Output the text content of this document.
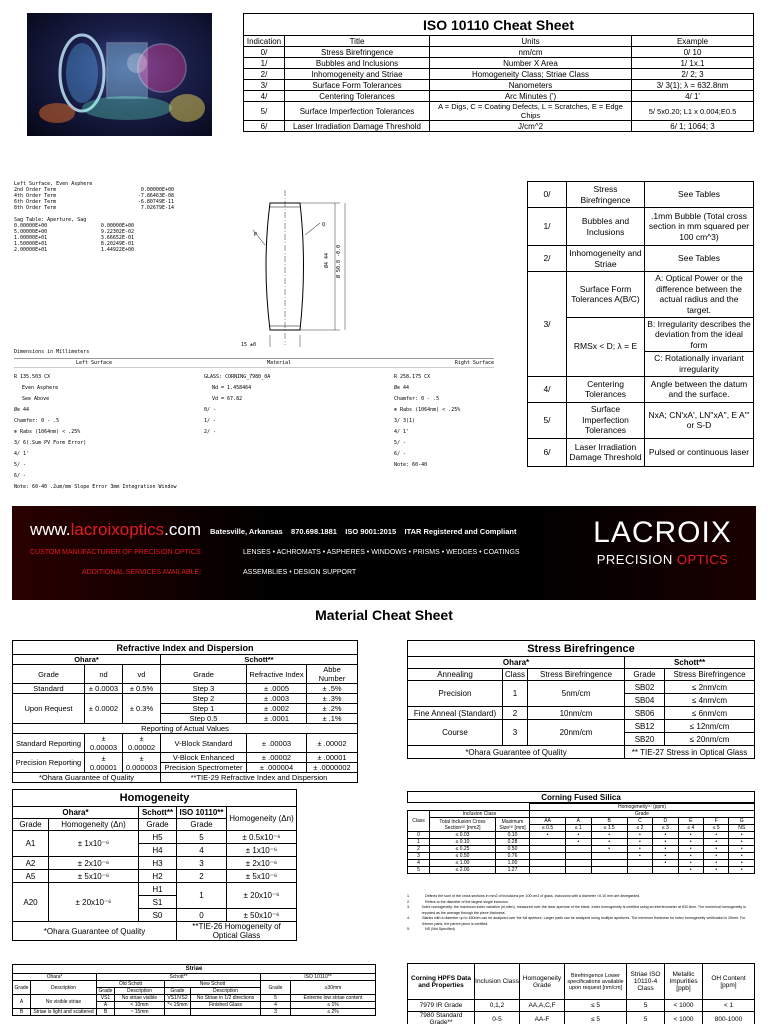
ISO 10110 Cheat Sheet			
Indication	Title	Units	Example
0/	Stress Birefringence	nm/cm	0/ 10
1/	Bubbles and Inclusions	Number X Area	1/ 1x.1
2/	Inhomogeneity and Striae	Homogeneity Class; Striae Class	2/ 2; 3
3/	Surface Form Tolerances	Nanometers	3/ 3(1); λ = 632.8nm
4/	Centering Tolerances	Arc Minutes (')	4/ 1'
5/	Surface Imperfection Tolerances	A = Digs, C = Coating Defects, L = Scratches, E = Edge Chips	5/ 5x0.20; L1 x 0.004;E0.5
6/	Laser Irradiation Damage Threshold	J/cm^2	6/ 1; 1064; 3
Left Surface, Even Asphere
2nd Order Term	0.00000E+00
4th Order Term	-7.86463E-08
6th Order Term	-6.80749E-11
8th Order Term	7.02679E-14
Sag Table: Aperture, Sag
0.00000E+00	0.00000E+00
5.00000E+00	9.22302E-02
1.00000E+01	3.66652E-01
1.50000E+01	8.20249E-01
2.00000E+01	1.44922E+00
P
Q
Ø4 44 Ø 50.8 -0.0
15 ±0
Dimensions in Millimeters
Left Surface	Material	Right Surface
R 135.503 CX
Even Asphere
See Above
Øe 44
Chamfer: 0 - .5
⊚ Rabs (1064nm) < .25%
3/ 6(.Sum PV Form Error)
4/ 1'
5/ -
6/ -
Note: 60-40 .2um/mm Slope Error 3mm Integration Window
GLASS: CORNING_7980_0A
Nd = 1.458464
Vd = 67.82
0/ -
1/ -
2/ -
R 258.175 CX
Øe 44
Chamfer: 0 - .5
⊚ Rabs (1064nm) < .25%
3/ 3(1)
4/ 1'
5/ -
6/ -
Note: 60-40
0/	Stress Birefringence	See Tables
1/	Bubbles and Inclusions	.1mm Bubble (Total cross section in mm squared per 100 cm^3)
2/	Inhomogeneity and Striae	See Tables
3/	Surface Form Tolerances A(B/C)	A: Optical Power or the difference between the actual radius and the target.
	RMSx < D; λ = E	B: Irregularity describes the deviation from the ideal form
		C: Rotationally invariant irregularity
4/	Centering Tolerances	Angle between the datum and the surface.
5/	Surface Imperfection Tolerances	NxA; CN'xA', LN''xA'', E A''' or S-D
6/	Laser Irradiation Damage Threshold	Pulsed or continuous laser
www.lacroixoptics.com Batesville, Arkansas 870.698.1881 ISO 9001:2015 ITAR Registered and Compliant
CUSTOM MANUFACTURER OF PRECISION OPTICS:	LENSES • ACHROMATS • ASPHERES • WINDOWS • PRISMS • WEDGES • COATINGS
ADDITIONAL SERVICES AVAILABLE:	ASSEMBLIES • DESIGN SUPPORT
LACROIX
PRECISION OPTICS
Material Cheat Sheet
Refractive Index and Dispersion					
Ohara*			Schott**		
Grade	nd	vd	Grade	Refractive Index	Abbe Number
Standard	± 0.0003	± 0.5%	Step 3	± .0005	± .5%
Upon Request	± 0.0002	± 0.3%	Step 2	± .0003	± .3%
			Step 1	± .0002	± .2%
			Step 0.5	± .0001	± .1%
Reporting of Actual Values					
Standard Reporting	± 0.00003	± 0.00002	V-Block Standard	± .00003	± .00002
Precision Reporting	± 0.00001	± 0.000003	V-Block Enhanced	± .00002	± .00001
			Precision Spectrometer	± .000004	± .0000002
*Ohara Guarantee of Quality			**TIE-29 Refractive Index and Dispersion		
Stress Birefringence				
Ohara*			Schott**	
Annealing	Class	Stress Birefringence	Grade	Stress Birefringence
Precision	1	5nm/cm	SB02	≤ 2nm/cm
			SB04	≤ 4nm/cm
Fine Anneal (Standard)	2	10nm/cm	SB06	≤ 6nm/cm
Course	3	20nm/cm	SB12	≤ 12nm/cm
			SB20	≤ 20nm/cm
*Ohara Guarantee of Quality			** TIE-27 Stress in Optical Glass	
Homogeneity				
Ohara*		Schott**	ISO 10110**	Homogeneity (Δn)
Grade	Homogeneity (Δn)	Grade	Grade	
A1	± 1x10⁻⁶	H5	5	± 0.5x10⁻⁶
		H4	4	± 1x10⁻⁶
A2	± 2x10⁻⁶	H3	3	± 2x10⁻⁶
A5	± 5x10⁻⁶	H2	2	± 5x10⁻⁶
A20	± 20x10⁻⁶	H1	1	± 20x10⁻⁶
		S1		
		S0	0	± 50x10⁻⁶
*Ohara Guarantee of Quality			**TIE-26 Homogeneity of Optical Glass	
Corning Fused Silica
			Homogeneity⁽¹⁾ (ppm)							
Class	Inclusion Class		Grade							
	Total Inclusion Cross Section⁽²⁾ [mm2]	Maximum Size⁽³⁾ [mm]	AA	A	B	C	D	E	F	G
			≤ 0.5	≤ 1	≤ 1.5	≤ 2	≤ 3	≤ 4	≤ 5	NS
0	≤ 0.03	0.10	•	•	•	•	•	•	•	•
1	≤ 0.10	0.28		•	•	•	•	•	•	•
2	≤ 0.25	0.50			•	•	•	•	•	•
3	≤ 0.50	0.76				•	•	•	•	•
4	≤ 1.00	1.00					•	•	•	•
5	≤ 2.00	1.27						•	•	•
1.	Defines the sum of the cross sections in mm2 of inclusions per 100 cm3 of glass. Inclusions with a diameter <0.10 mm are disregarded.
2.	Refers to the diameter of the largest single inclusion.
3.	Index homogeneity: the maximum index variation (ni-nilen), measured over the clear aperture of the blank. Index homogeneity is certified using an interferometer at 632.8nm. The numerical homogeneity is reported as the average through the piece thickness.
4.	Blanks with a diameter up to 450mm can be analyzed over the full aperture. Larger parts can be analyzed using multiple apertures. The minimum thickness for index homogeneity verification is 20mm. For thinner parts, the parent piece is certified.
5.	NS (Not Specified)
Striae							
Ohara*		Schott**				ISO 10110**	
Grade	Description	Old Schott		New Schott		Grade	≥30mm
		Grade	Description	Grade	Description		
A	No visible striae	VS1	No striae visible	VS1/VS2	No Striae in 1/2 directions	5	Extreme low striae content
		A	< 10mm	*< 15mm	Finished Glass	4	≤ 1%
B	Striae is light and scattered	B	~ 15mm			3	≤ 2%
Corning HPFS Data and Properties	Inclusion Class	Homogeneity Grade	Birefringence Lower specifications available upon request [nm/cm]	Striae ISO 10110-4 Class	Metallic Impurities [ppb]	OH Content [ppm]
7979 IR Grade	0,1,2	AA,A,C,F	≤ 5	5	< 1000	< 1
7980 Standard Grade**	0-5	AA-F	≤ 5	5	< 1000	800-1000
